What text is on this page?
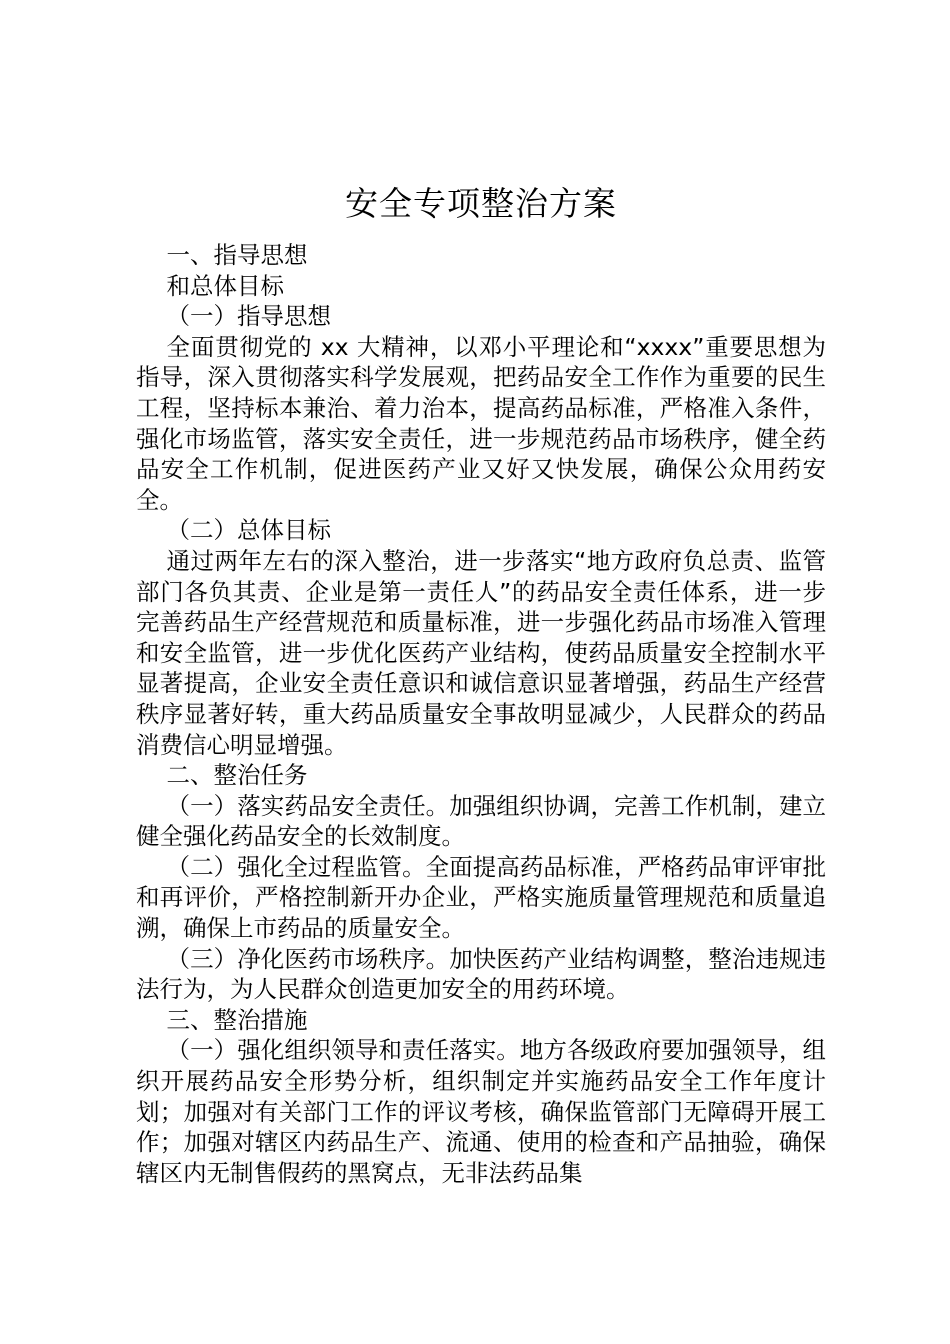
安全专项整治方案

一、指导思想

和总体目标

（一）指导思想

全面贯彻党的 xx 大精神，以邓小平理论和“xxxx”重要思想为指导，深入贯彻落实科学发展观，把药品安全工作作为重要的民生工程，坚持标本兼治、着力治本，提高药品标准，严格准入条件，强化市场监管，落实安全责任，进一步规范药品市场秩序，健全药品安全工作机制，促进医药产业又好又快发展，确保公众用药安全。

（二）总体目标

通过两年左右的深入整治，进一步落实“地方政府负总责、监管部门各负其责、企业是第一责任人”的药品安全责任体系，进一步完善药品生产经营规范和质量标准，进一步强化药品市场准入管理和安全监管，进一步优化医药产业结构，使药品质量安全控制水平显著提高，企业安全责任意识和诚信意识显著增强，药品生产经营秩序显著好转，重大药品质量安全事故明显减少，人民群众的药品消费信心明显增强。

二、整治任务

（一）落实药品安全责任。加强组织协调，完善工作机制，建立健全强化药品安全的长效制度。

（二）强化全过程监管。全面提高药品标准，严格药品审评审批和再评价，严格控制新开办企业，严格实施质量管理规范和质量追溯，确保上市药品的质量安全。

（三）净化医药市场秩序。加快医药产业结构调整，整治违规违法行为，为人民群众创造更加安全的用药环境。

三、整治措施

（一）强化组织领导和责任落实。地方各级政府要加强领导，组织开展药品安全形势分析，组织制定并实施药品安全工作年度计划；加强对有关部门工作的评议考核，确保监管部门无障碍开展工作；加强对辖区内药品生产、流通、使用的检查和产品抽验，确保辖区内无制售假药的黑窝点，无非法药品集
